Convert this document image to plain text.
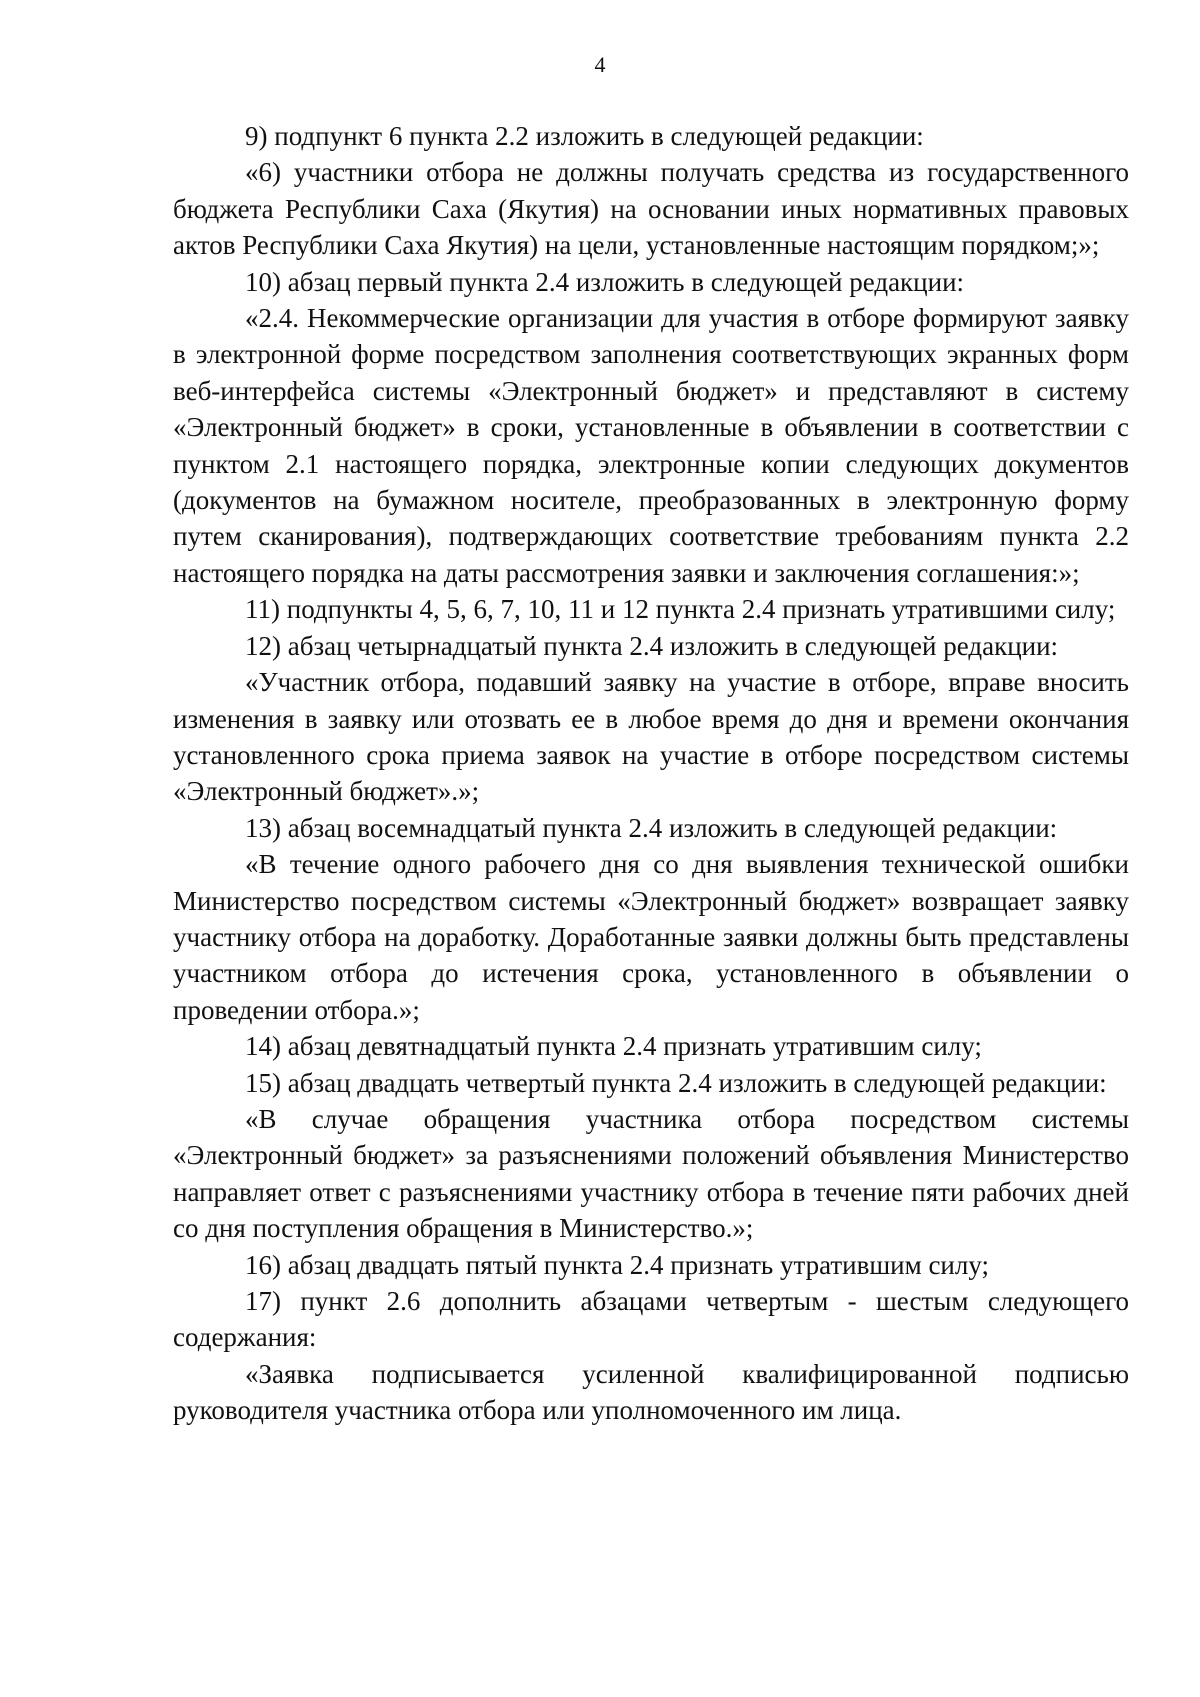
4

9) подпункт 6 пункта 2.2 изложить в следующей редакции:

«6) участники отбора не должны получать средства из государственного бюджета Республики Саха (Якутия) на основании иных нормативных правовых актов Республики Саха Якутия) на цели, установленные настоящим порядком;»;

10) абзац первый пункта 2.4 изложить в следующей редакции:

«2.4. Некоммерческие организации для участия в отборе формируют заявку в электронной форме посредством заполнения соответствующих экранных форм веб-интерфейса системы «Электронный бюджет» и представляют в систему «Электронный бюджет» в сроки, установленные в объявлении в соответствии с пунктом 2.1 настоящего порядка, электронные копии следующих документов (документов на бумажном носителе, преобразованных в электронную форму путем сканирования), подтверждающих соответствие требованиям пункта 2.2 настоящего порядка на даты рассмотрения заявки и заключения соглашения:»;

11) подпункты 4, 5, 6, 7, 10, 11 и 12 пункта 2.4 признать утратившими силу;

12) абзац четырнадцатый пункта 2.4 изложить в следующей редакции:

«Участник отбора, подавший заявку на участие в отборе, вправе вносить изменения в заявку или отозвать ее в любое время до дня и времени окончания установленного срока приема заявок на участие в отборе посредством системы «Электронный бюджет».»;

13) абзац восемнадцатый пункта 2.4 изложить в следующей редакции:

«В течение одного рабочего дня со дня выявления технической ошибки Министерство посредством системы «Электронный бюджет» возвращает заявку участнику отбора на доработку. Доработанные заявки должны быть представлены участником отбора до истечения срока, установленного в объявлении о проведении отбора.»;

14) абзац девятнадцатый пункта 2.4 признать утратившим силу;

15) абзац двадцать четвертый пункта 2.4 изложить в следующей редакции:

«В случае обращения участника отбора посредством системы «Электронный бюджет» за разъяснениями положений объявления Министерство направляет ответ с разъяснениями участнику отбора в течение пяти рабочих дней со дня поступления обращения в Министерство.»;

16) абзац двадцать пятый пункта 2.4 признать утратившим силу;

17) пункт 2.6 дополнить абзацами четвертым - шестым следующего содержания:

«Заявка подписывается усиленной квалифицированной подписью руководителя участника отбора или уполномоченного им лица.
